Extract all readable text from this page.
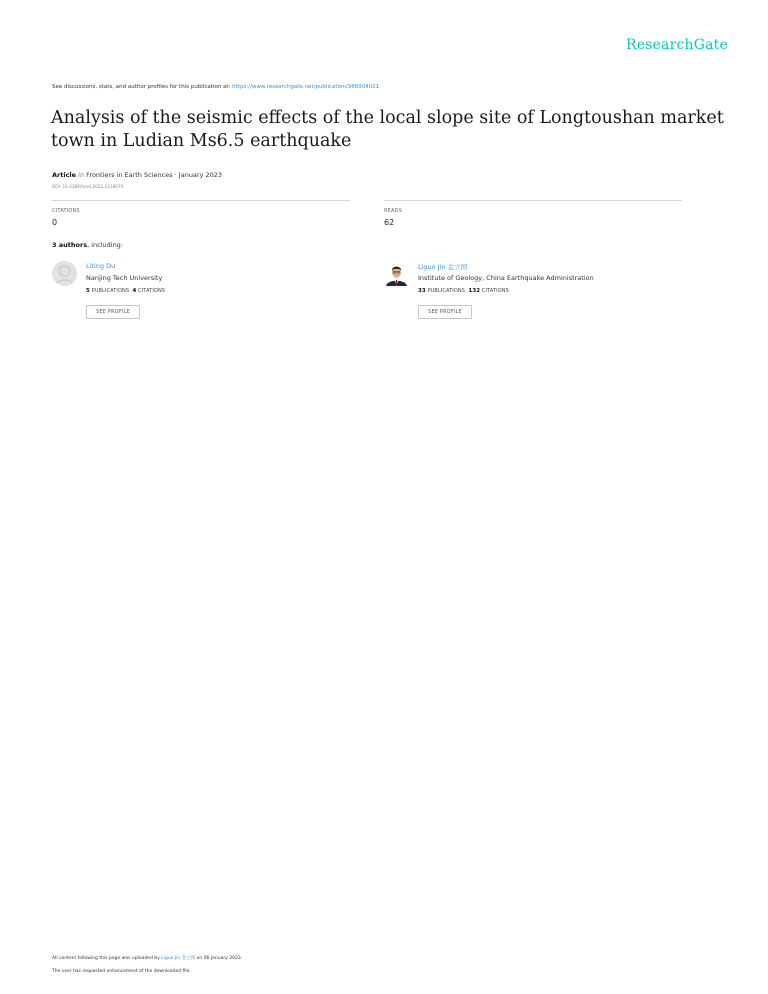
ResearchGate
See discussions, stats, and author profiles for this publication at: https://www.researchgate.net/publication/366904021
Analysis of the seismic effects of the local slope site of Longtoushan market town in Ludian Ms6.5 earthquake
Article in Frontiers in Earth Sciences · January 2023
DOI: 10.3389/feart.2022.1118079
CITATIONS
0
READS
62
3 authors, including:
Liting Du
Nanjing Tech University
5 PUBLICATIONS 4 CITATIONS
SEE PROFILE
Liguo Jin 金立国
Institute of Geology, China Earthquake Administration
33 PUBLICATIONS 132 CITATIONS
SEE PROFILE
All content following this page was uploaded by Liguo Jin 金立国 on 06 January 2023.
The user has requested enhancement of the downloaded file.
